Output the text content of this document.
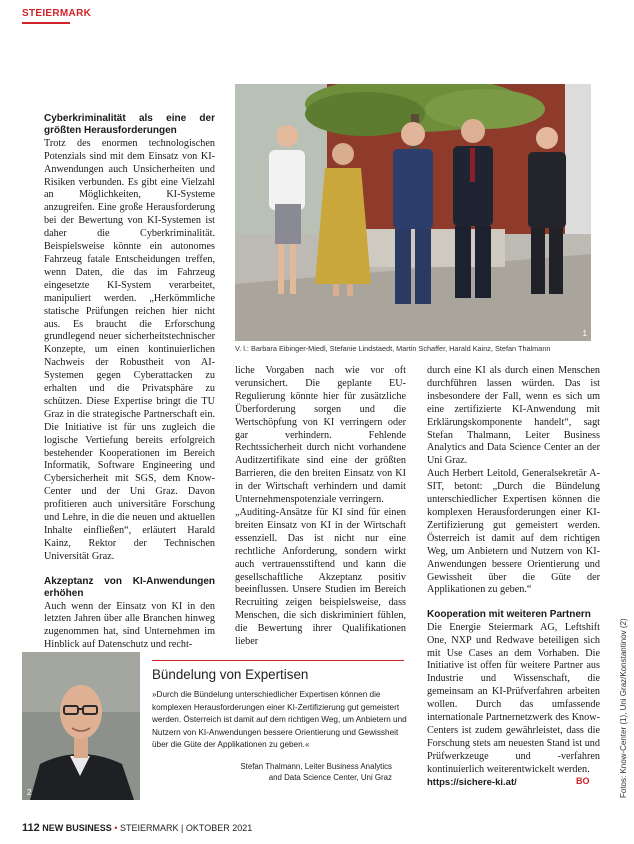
STEIERMARK
Cyberkriminalität als eine der größten Herausforderungen

Trotz des enormen technologischen Potenzials sind mit dem Einsatz von KI-Anwendungen auch Unsicherheiten und Risiken verbunden. Es gibt eine Vielzahl an Möglichkeiten, KI-Systeme anzugreifen. Eine große Herausforderung bei der Bewertung von KI-Systemen ist daher die Cyberkriminalität. Beispielsweise könnte ein autonomes Fahrzeug fatale Entscheidungen treffen, wenn Daten, die das im Fahrzeug eingesetzte KI-System verarbeitet, manipuliert werden. „Herkömmliche statische Prüfungen reichen hier nicht aus. Es braucht die Erforschung grundlegend neuer sicherheitstechnischer Konzepte, um einen kontinuierlichen Nachweis der Robustheit von AI-Systemen gegen Cyberattacken zu erhalten und die Privatsphäre zu schützen. Diese Expertise bringt die TU Graz in die strategische Partnerschaft ein. Die Initiative ist für uns zugleich die logische Vertiefung bereits erfolgreich bestehender Kooperationen im Bereich Informatik, Software Engineering und Cybersicherheit mit SGS, dem Know-Center und der Uni Graz. Davon profitieren auch universitäre Forschung und Lehre, in die die neuen und aktuellen Inhalte einfließen“, erläutert Harald Kainz, Rektor der Technischen Universität Graz.

Akzeptanz von KI-Anwendungen erhöhen

Auch wenn der Einsatz von KI in den letzten Jahren über alle Branchen hinweg zugenommen hat, sind Unternehmen im Hinblick auf Datenschutz und recht-

1
V. l.: Barbara Eibinger-Miedl, Stefanie Lindstaedt, Martin Schaffer, Harald Kainz, Stefan Thalmann

liche Vorgaben nach wie vor oft verunsichert. Die geplante EU-Regulierung könnte hier für zusätzliche Überforderung sorgen und die Wertschöpfung von KI verringern oder gar verhindern. Fehlende Rechtssicherheit durch nicht vorhandene Auditzertifikate sind eine der größten Barrieren, die den breiten Einsatz von KI in der Wirtschaft verhindern und damit Unternehmenspotenziale verringern.

„Auditing-Ansätze für KI sind für einen breiten Einsatz von KI in der Wirtschaft essenziell. Das ist nicht nur eine rechtliche Anforderung, sondern wirkt auch vertrauensstiftend und kann die gesellschaftliche Akzeptanz positiv beeinflussen. Unsere Studien im Bereich Recruiting zeigen beispielsweise, dass Menschen, die sich diskriminiert fühlen, die Bewertung ihrer Qualifikationen lieber

durch eine KI als durch einen Menschen durchführen lassen würden. Das ist insbesondere der Fall, wenn es sich um eine zertifizierte KI-Anwendung mit Erklärungskomponente handelt“, sagt Stefan Thalmann, Leiter Business Analytics and Data Science Center an der Uni Graz.

Auch Herbert Leitold, Generalsekretär A-SIT, betont: „Durch die Bündelung unterschiedlicher Expertisen können die komplexen Herausforderungen einer KI-Zertifizierung gut gemeistert werden. Österreich ist damit auf dem richtigen Weg, um Anbietern und Nutzern von KI-Anwendungen bessere Orientierung und Gewissheit über die Güte der Applikationen zu geben.“

Kooperation mit weiteren Partnern

Die Energie Steiermark AG, Leftshift One, NXP und Redwave beteiligen sich mit Use Cases an dem Vorhaben. Die Initiative ist offen für weitere Partner aus Industrie und Wissenschaft, die gemeinsam an KI-Prüfverfahren arbeiten wollen. Durch das umfassende internationale Partnernetzwerk des Know-Centers ist zudem gewährleistet, dass die Forschung stets am neuesten Stand ist und Prüfwerkzeuge und -verfahren kontinuierlich weiterentwickelt werden.

https://sichere-ki.at/

2
Bündelung von Expertisen
»Durch die Bündelung unterschiedlicher Expertisen können die komplexen Herausforderungen einer KI-Zertifizierung gut gemeistert werden. Österreich ist damit auf dem richtigen Weg, um Anbietern und Nutzern von KI-Anwendungen bessere Orientierung und Gewissheit über die Güte der Applikationen zu geben.«
Stefan Thalmann, Leiter Business Analytics
and Data Science Center, Uni Graz	BO	Fotos: Know-Center (1), Uni Graz/Konstantinov (2)
112 NEW BUSINESS • STEIERMARK | OKTOBER 2021
